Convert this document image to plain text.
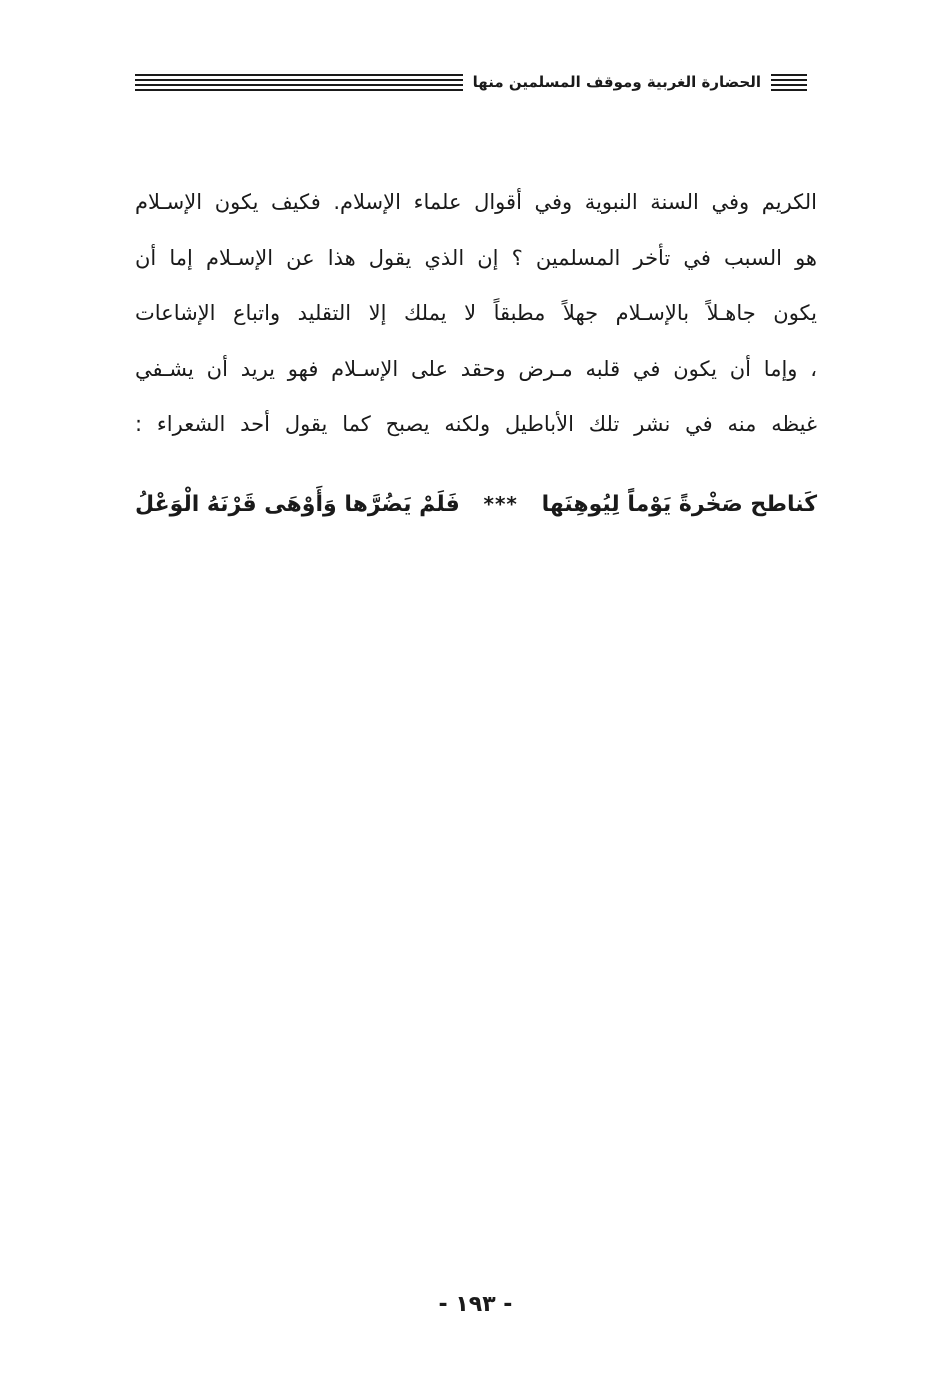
الحضارة الغربية وموقف المسلمين منها
الكريم وفي السنة النبوية وفي أقوال علماء الإسلام. فكيف يكون الإسـلام
هو السبب في تأخر المسلمين ؟ إن الذي يقول هذا عن الإسـلام إما أن
يكون جاهـلاً بالإسـلام جهلاً مطبقاً لا يملك إلا التقليد واتباع الإشاعات
، وإما أن يكون في قلبه مـرض وحقد على الإسـلام فهو يريد أن يشـفي
غيظه منه في نشر تلك الأباطيل ولكنه يصبح كما يقول أحد الشعراء :
كَناطح صَخْرةً يَوْماً لِيُوهِنَها
***
فَلَمْ يَضُرَّها وَأَوْهَى قَرْنَهُ الْوَعْلُ
- ١٩٣ -
